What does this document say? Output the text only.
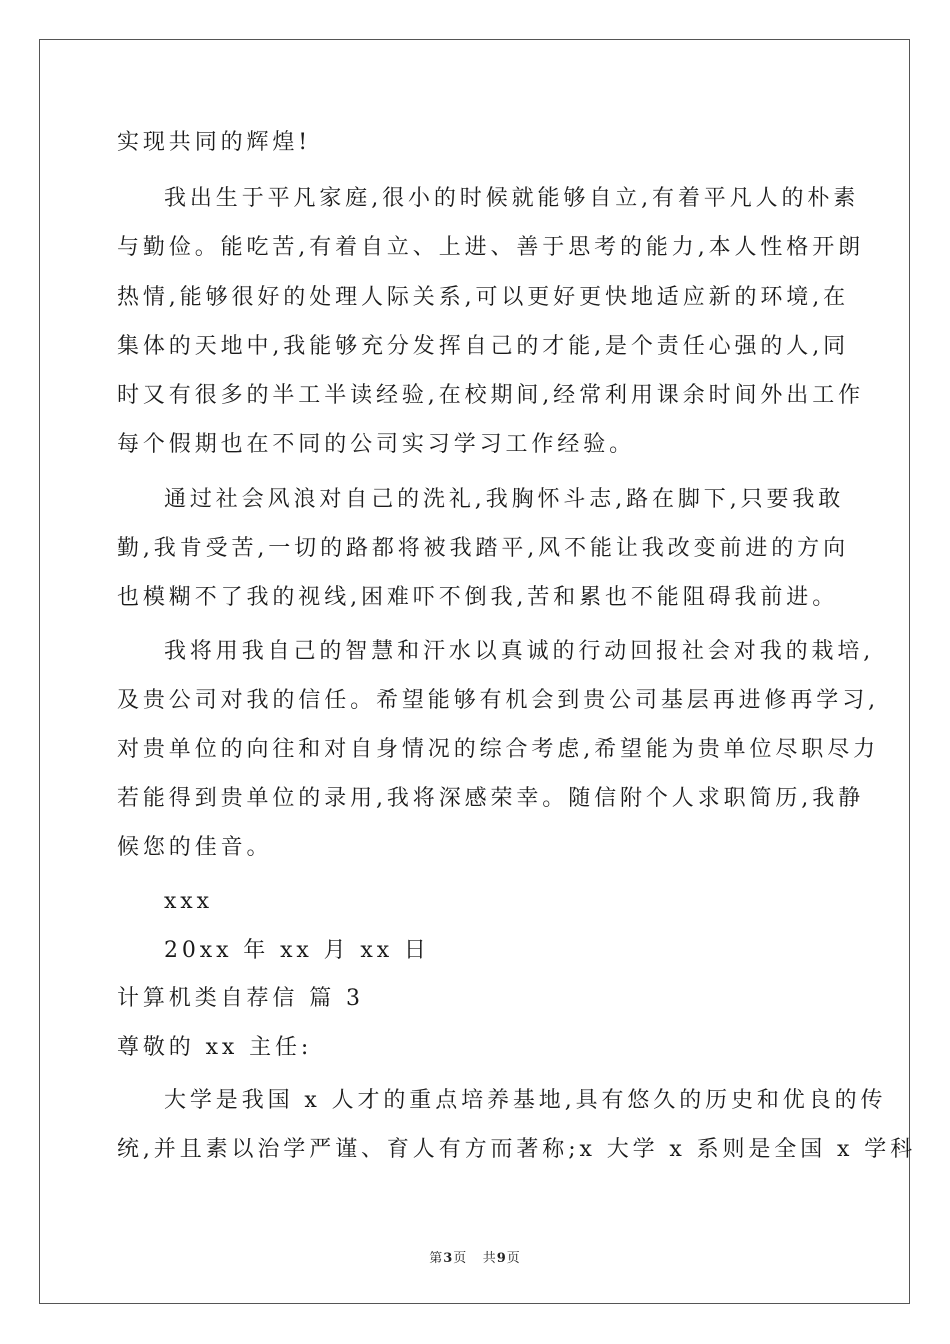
实现共同的辉煌!
我出生于平凡家庭,很小的时候就能够自立,有着平凡人的朴素
与勤俭。能吃苦,有着自立、上进、善于思考的能力,本人性格开朗
热情,能够很好的处理人际关系,可以更好更快地适应新的环境,在
集体的天地中,我能够充分发挥自己的才能,是个责任心强的人,同
时又有很多的半工半读经验,在校期间,经常利用课余时间外出工作
每个假期也在不同的公司实习学习工作经验。
通过社会风浪对自己的洗礼,我胸怀斗志,路在脚下,只要我敢
勤,我肯受苦,一切的路都将被我踏平,风不能让我改变前进的方向
也模糊不了我的视线,困难吓不倒我,苦和累也不能阻碍我前进。
我将用我自己的智慧和汗水以真诚的行动回报社会对我的栽培,
及贵公司对我的信任。希望能够有机会到贵公司基层再进修再学习,
对贵单位的向往和对自身情况的综合考虑,希望能为贵单位尽职尽力
若能得到贵单位的录用,我将深感荣幸。随信附个人求职简历,我静
候您的佳音。
xxx
20xx 年 xx 月 xx 日
计算机类自荐信 篇 3
尊敬的 xx 主任:
大学是我国 x 人才的重点培养基地,具有悠久的历史和优良的传
统,并且素以治学严谨、育人有方而著称;x 大学 x 系则是全国 x 学科
第3页 共9页
